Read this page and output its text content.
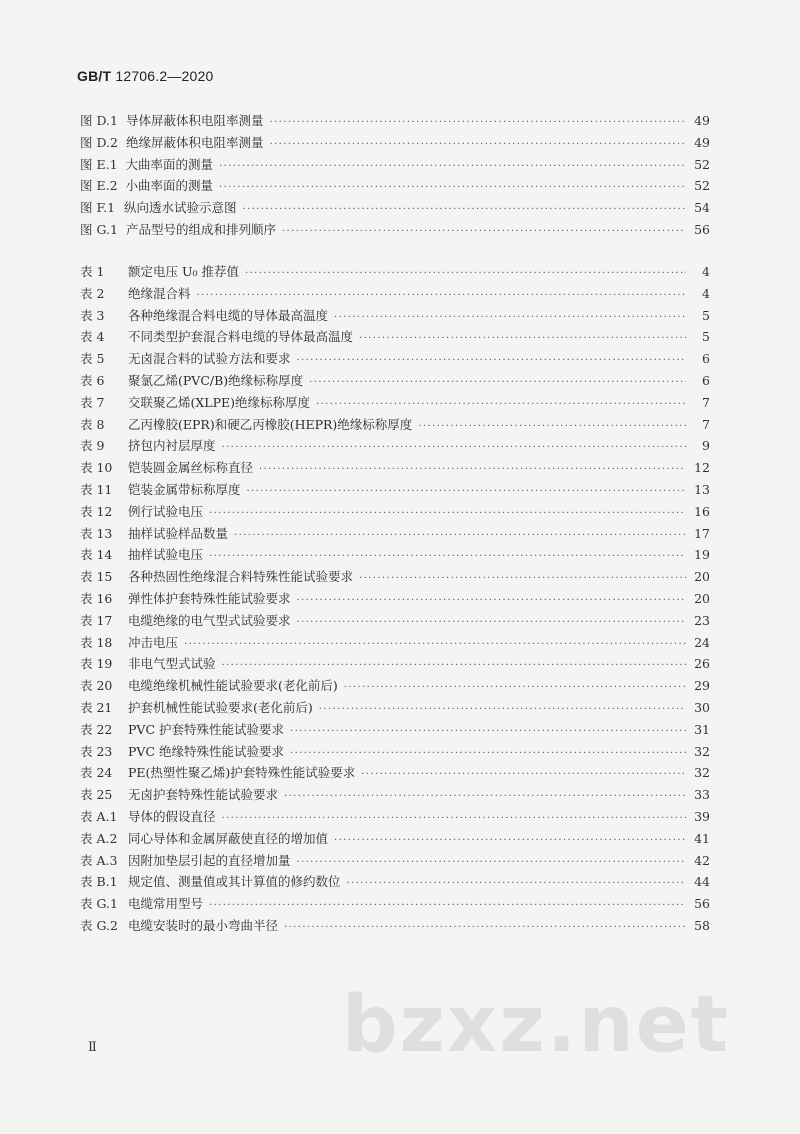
GB/T 12706.2—2020
图 D.1 导体屏蔽体积电阻率测量 ·····	49
图 D.2 绝缘屏蔽体积电阻率测量 ·····	49
图 E.1 大曲率面的测量 ·····	52
图 E.2 小曲率面的测量 ·····	52
图 F.1 纵向透水试验示意图 ·····	54
图 G.1 产品型号的组成和排列顺序 ·····	56
表 1	额定电压 U₀ 推荐值 ·····	4
表 2	绝缘混合料 ·····	4
表 3	各种绝缘混合料电缆的导体最高温度 ·····	5
表 4	不同类型护套混合料电缆的导体最高温度 ·····	5
表 5	无卤混合料的试验方法和要求 ·····	6
表 6	聚氯乙烯(PVC/B)绝缘标称厚度 ·····	6
表 7	交联聚乙烯(XLPE)绝缘标称厚度 ·····	7
表 8	乙丙橡胶(EPR)和硬乙丙橡胶(HEPR)绝缘标称厚度 ·····	7
表 9	挤包内衬层厚度 ·····	9
表 10	铠装圆金属丝标称直径 ·····	12
表 11	铠装金属带标称厚度 ·····	13
表 12	例行试验电压 ·····	16
表 13	抽样试验样品数量 ·····	17
表 14	抽样试验电压 ·····	19
表 15	各种热固性绝缘混合料特殊性能试验要求 ·····	20
表 16	弹性体护套特殊性能试验要求 ·····	20
表 17	电缆绝缘的电气型式试验要求 ·····	23
表 18	冲击电压 ·····	24
表 19	非电气型式试验 ·····	26
表 20	电缆绝缘机械性能试验要求(老化前后) ·····	29
表 21	护套机械性能试验要求(老化前后) ·····	30
表 22	PVC 护套特殊性能试验要求 ·····	31
表 23	PVC 绝缘特殊性能试验要求 ·····	32
表 24	PE(热塑性聚乙烯)护套特殊性能试验要求 ·····	32
表 25	无卤护套特殊性能试验要求 ·····	33
表 A.1 导体的假设直径 ·····	39
表 A.2 同心导体和金属屏蔽使直径的增加值 ·····	41
表 A.3 因附加垫层引起的直径增加量 ·····	42
表 B.1 规定值、测量值或其计算值的修约数位 ·····	44
表 G.1 电缆常用型号 ·····	56
表 G.2 电缆安装时的最小弯曲半径 ·····	58
Ⅱ	bzxz.net
